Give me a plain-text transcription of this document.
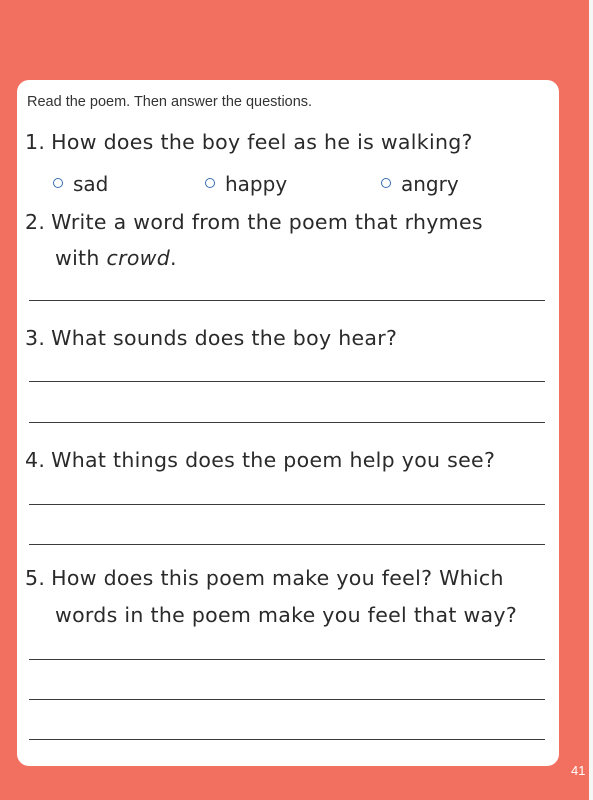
Read the poem. Then answer the questions.
1. How does the boy feel as he is walking?
sad	happy	angry
2. Write a word from the poem that rhymes
with crowd.
3. What sounds does the boy hear?
4. What things does the poem help you see?
5. How does this poem make you feel? Which
words in the poem make you feel that way?
41
